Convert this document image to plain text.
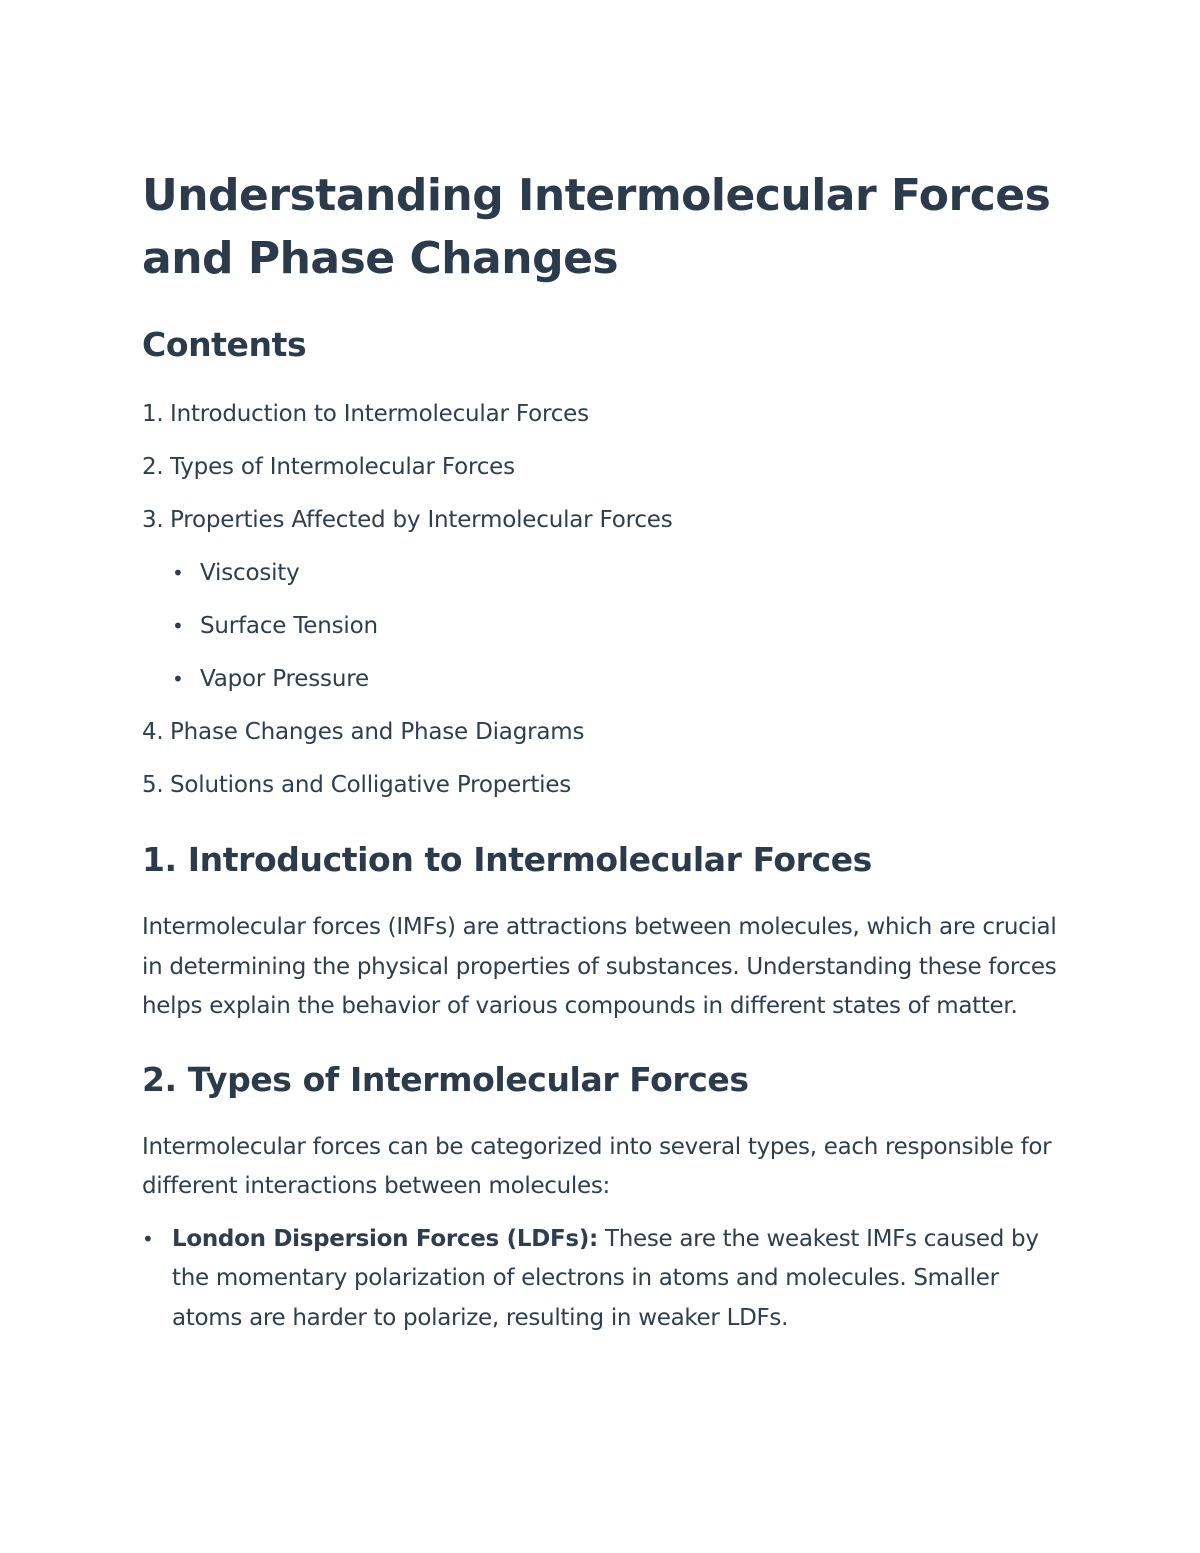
Understanding Intermolecular Forces and Phase Changes
Contents
1. Introduction to Intermolecular Forces
2. Types of Intermolecular Forces
3. Properties Affected by Intermolecular Forces
• Viscosity
• Surface Tension
• Vapor Pressure
4. Phase Changes and Phase Diagrams
5. Solutions and Colligative Properties
1. Introduction to Intermolecular Forces

Intermolecular forces (IMFs) are attractions between molecules, which are crucial in determining the physical properties of substances. Understanding these forces helps explain the behavior of various compounds in different states of matter.

2. Types of Intermolecular Forces

Intermolecular forces can be categorized into several types, each responsible for different interactions between molecules:

• London Dispersion Forces (LDFs): These are the weakest IMFs caused by the momentary polarization of electrons in atoms and molecules. Smaller atoms are harder to polarize, resulting in weaker LDFs.
